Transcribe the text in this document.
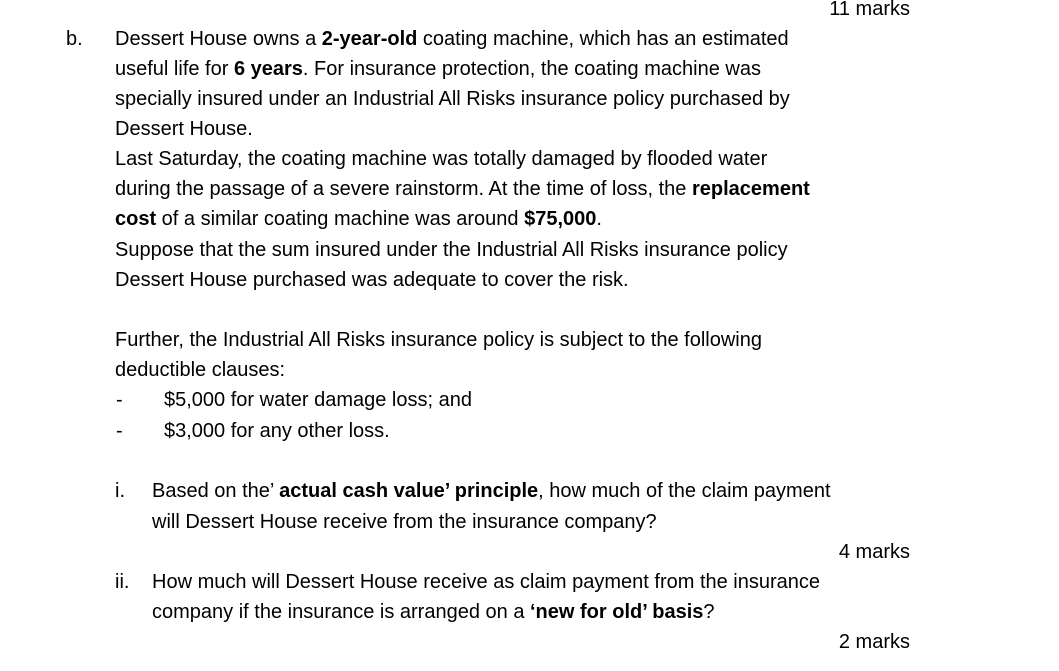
11 marks
b. Dessert House owns a 2-year-old coating machine, which has an estimated
useful life for 6 years. For insurance protection, the coating machine was
specially insured under an Industrial All Risks insurance policy purchased by
Dessert House.
Last Saturday, the coating machine was totally damaged by flooded water
during the passage of a severe rainstorm. At the time of loss, the replacement
cost of a similar coating machine was around $75,000.
Suppose that the sum insured under the Industrial All Risks insurance policy
Dessert House purchased was adequate to cover the risk.
Further, the Industrial All Risks insurance policy is subject to the following
deductible clauses:
- $5,000 for water damage loss; and
- $3,000 for any other loss.
i. Based on the’ actual cash value’ principle, how much of the claim payment
will Dessert House receive from the insurance company?
4 marks
ii. How much will Dessert House receive as claim payment from the insurance
company if the insurance is arranged on a ‘new for old’ basis?
2 marks
